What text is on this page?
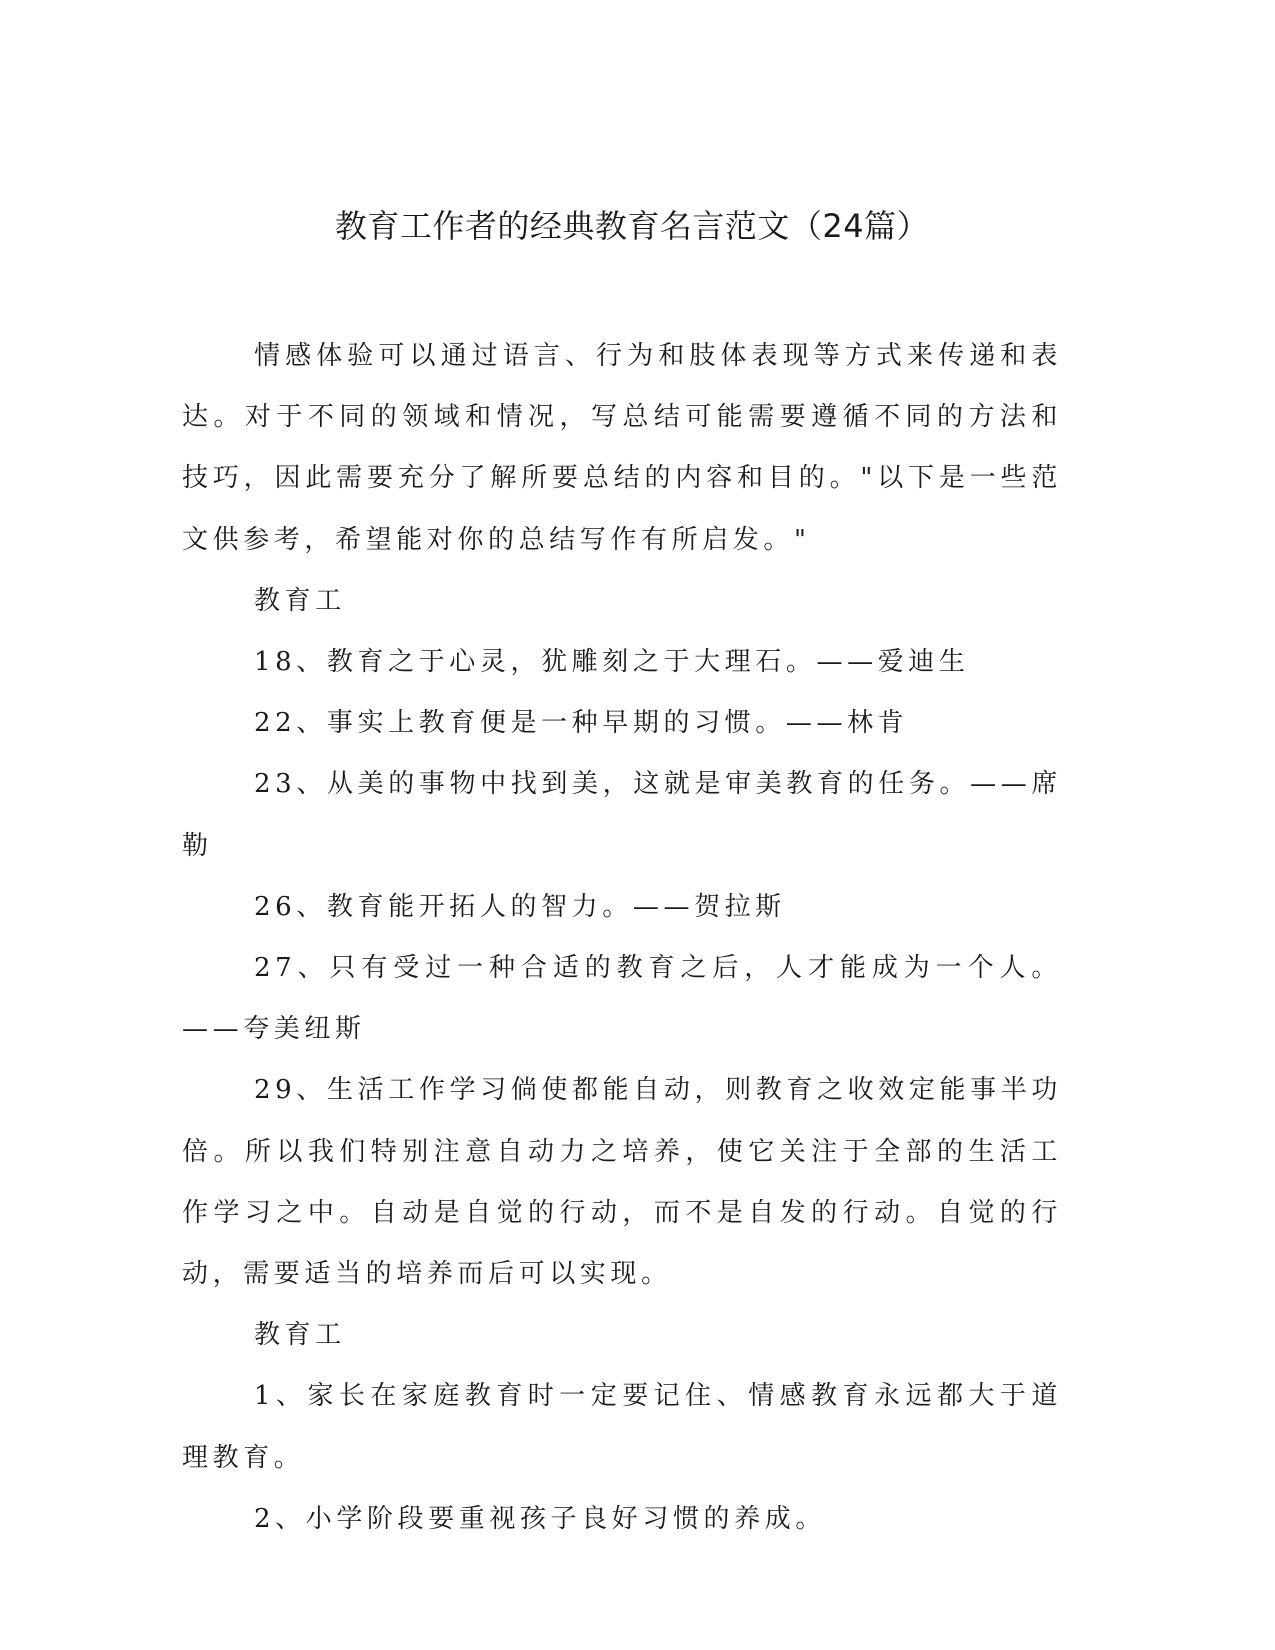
教育工作者的经典教育名言范文（24篇）

情感体验可以通过语言、行为和肢体表现等方式来传递和表达。对于不同的领域和情况，写总结可能需要遵循不同的方法和技巧，因此需要充分了解所要总结的内容和目的。"以下是一些范文供参考，希望能对你的总结写作有所启发。"

教育工

18、教育之于心灵，犹雕刻之于大理石。——爱迪生

22、事实上教育便是一种早期的习惯。——林肯

23、从美的事物中找到美，这就是审美教育的任务。——席勒

26、教育能开拓人的智力。——贺拉斯

27、只有受过一种合适的教育之后，人才能成为一个人。——夸美纽斯

29、生活工作学习倘使都能自动，则教育之收效定能事半功倍。所以我们特别注意自动力之培养，使它关注于全部的生活工作学习之中。自动是自觉的行动，而不是自发的行动。自觉的行动，需要适当的培养而后可以实现。

教育工

1、家长在家庭教育时一定要记住、情感教育永远都大于道理教育。

2、小学阶段要重视孩子良好习惯的养成。
